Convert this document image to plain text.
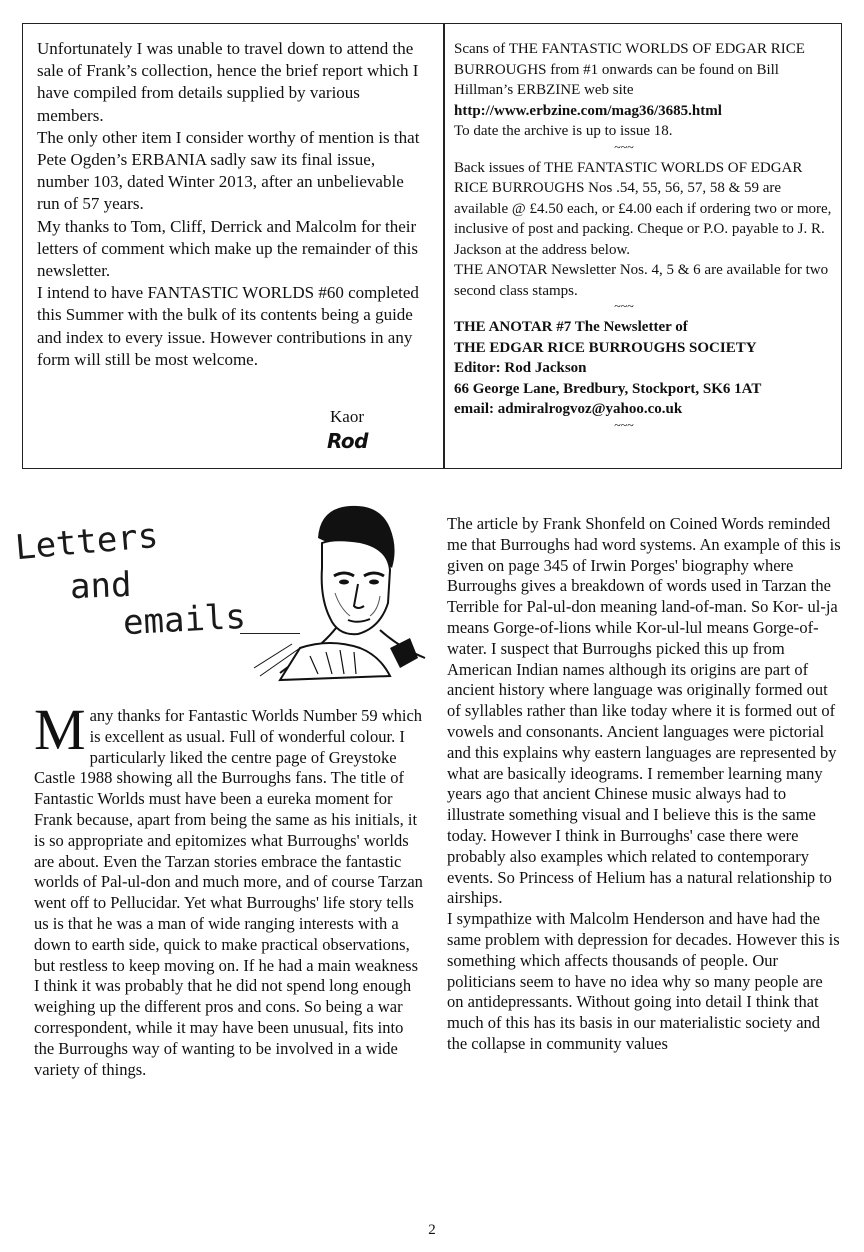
Unfortunately I was unable to travel down to attend the sale of Frank’s collection, hence the brief report which I have compiled from details supplied by various members.

The only other item I consider worthy of mention is that Pete Ogden’s ERBANIA sadly saw its final issue, number 103, dated Winter 2013, after an unbelievable run of 57 years.

My thanks to Tom, Cliff, Derrick and Malcolm for their letters of comment which make up the remainder of this newsletter.

I intend to have FANTASTIC WORLDS #60 completed this Summer with the bulk of its contents being a guide and index to every issue. However contributions in any form will still be most welcome.

Kaor
Rod

Scans of THE FANTASTIC WORLDS OF EDGAR RICE BURROUGHS from #1 onwards can be found on Bill Hillman’s ERBZINE web site

http://www.erbzine.com/mag36/3685.html

To date the archive is up to issue 18.

~~~

Back issues of THE FANTASTIC WORLDS OF EDGAR RICE BURROUGHS Nos .54, 55, 56, 57, 58 & 59 are available @ £4.50 each, or £4.00 each if ordering two or more, inclusive of post and packing. Cheque or P.O. payable to J. R. Jackson at the address below.

THE ANOTAR Newsletter Nos. 4, 5 & 6 are available for two second class stamps.

~~~

THE ANOTAR #7 The Newsletter of

THE EDGAR RICE BURROUGHS SOCIETY

Editor: Rod Jackson

66 George Lane, Bredbury, Stockport, SK6 1AT

email: admiralrogvoz@yahoo.co.uk

~~~
Letters
and
emails
M any thanks for Fantastic Worlds Number 59 which is excellent as usual. Full of wonderful colour. I particularly liked the centre page of Greystoke Castle 1988 showing all the Burroughs fans. The title of Fantastic Worlds must have been a eureka moment for Frank because, apart from being the same as his initials, it is so appropriate and epitomizes what Burroughs' worlds are about. Even the Tarzan stories embrace the fantastic worlds of Pal-ul-don and much more, and of course Tarzan went off to Pellucidar. Yet what Burroughs' life story tells us is that he was a man of wide ranging interests with a down to earth side, quick to make practical observations, but restless to keep moving on. If he had a main weakness I think it was probably that he did not spend long enough weighing up the different pros and cons. So being a war correspondent, while it may have been unusual, fits into the Burroughs way of wanting to be involved in a wide variety of things.

The article by Frank Shonfeld on Coined Words reminded me that Burroughs had word systems. An example of this is given on page 345 of Irwin Porges' biography where Burroughs gives a breakdown of words used in Tarzan the Terrible for Pal-ul-don meaning land-of-man. So Kor- ul-ja means Gorge-of-lions while Kor-ul-lul means Gorge-of-water. I suspect that Burroughs picked this up from American Indian names although its origins are part of ancient history where language was originally formed out of syllables rather than like today where it is formed out of vowels and consonants. Ancient languages were pictorial and this explains why eastern languages are represented by what are basically ideograms. I remember learning many years ago that ancient Chinese music always had to illustrate something visual and I believe this is the same today. However I think in Burroughs' case there were probably also examples which related to contemporary events. So Princess of Helium has a natural relationship to airships.

I sympathize with Malcolm Henderson and have had the same problem with depression for decades. However this is something which affects thousands of people. Our politicians seem to have no idea why so many people are on antidepressants. Without going into detail I think that much of this has its basis in our materialistic society and the collapse in community values

2
